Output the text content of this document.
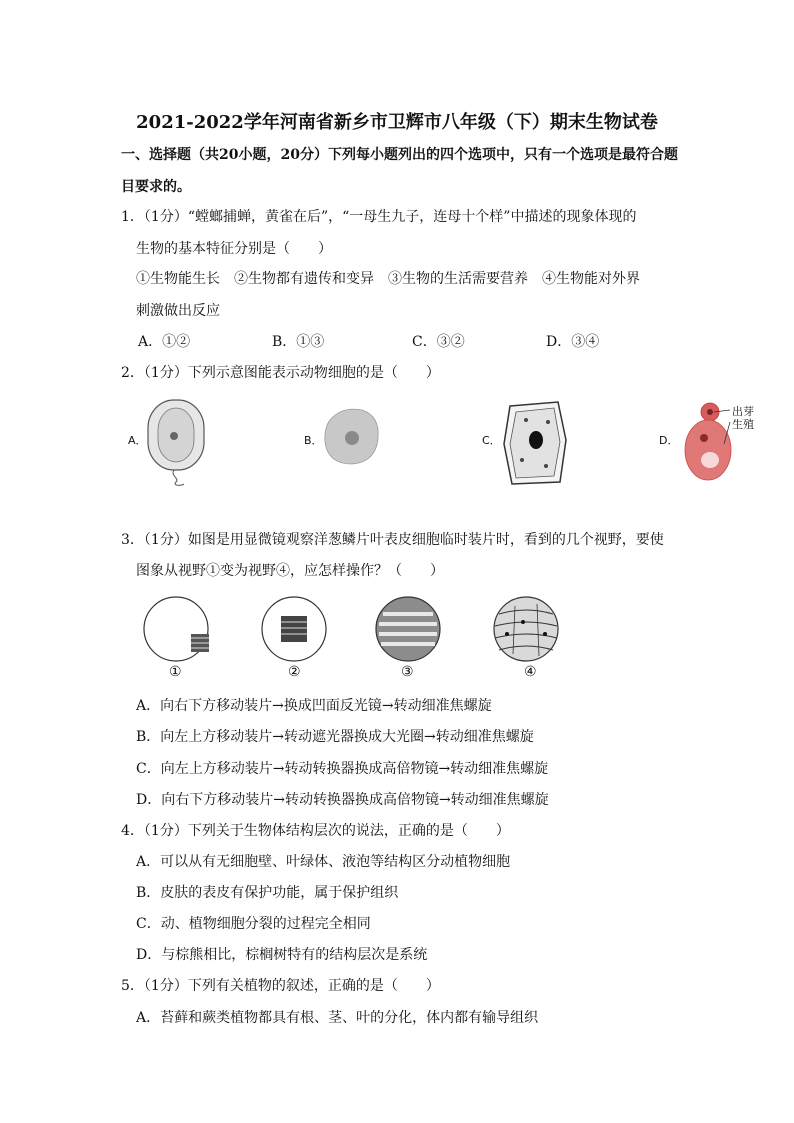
2021-2022学年河南省新乡市卫辉市八年级（下）期末生物试卷
一、选择题（共20小题，20分）下列每小题列出的四个选项中，只有一个选项是最符合题
目要求的。
1．（1分）“螳螂捕蝉，黄雀在后”，“一母生九子，连母十个样”中描述的现象体现的
生物的基本特征分别是（　　）
①生物能生长　②生物都有遗传和变异　③生物的生活需要营养　④生物能对外界
刺激做出反应
A．①②	B．①③	C．③②	D．③④
2．（1分）下列示意图能表示动物细胞的是（　　）
A．	B．	C．	D．
出芽
生殖
3．（1分）如图是用显微镜观察洋葱鳞片叶表皮细胞临时装片时，看到的几个视野，要使
图象从视野①变为视野④，应怎样操作？（　　）
①	②	③	④
A．向右下方移动装片→换成凹面反光镜→转动细准焦螺旋
B．向左上方移动装片→转动遮光器换成大光圈→转动细准焦螺旋
C．向左上方移动装片→转动转换器换成高倍物镜→转动细准焦螺旋
D．向右下方移动装片→转动转换器换成高倍物镜→转动细准焦螺旋
4．（1分）下列关于生物体结构层次的说法，正确的是（　　）
A．可以从有无细胞壁、叶绿体、液泡等结构区分动植物细胞
B．皮肤的表皮有保护功能，属于保护组织
C．动、植物细胞分裂的过程完全相同
D．与棕熊相比，棕榈树特有的结构层次是系统
5．（1分）下列有关植物的叙述，正确的是（　　）
A．苔藓和蕨类植物都具有根、茎、叶的分化，体内都有输导组织
